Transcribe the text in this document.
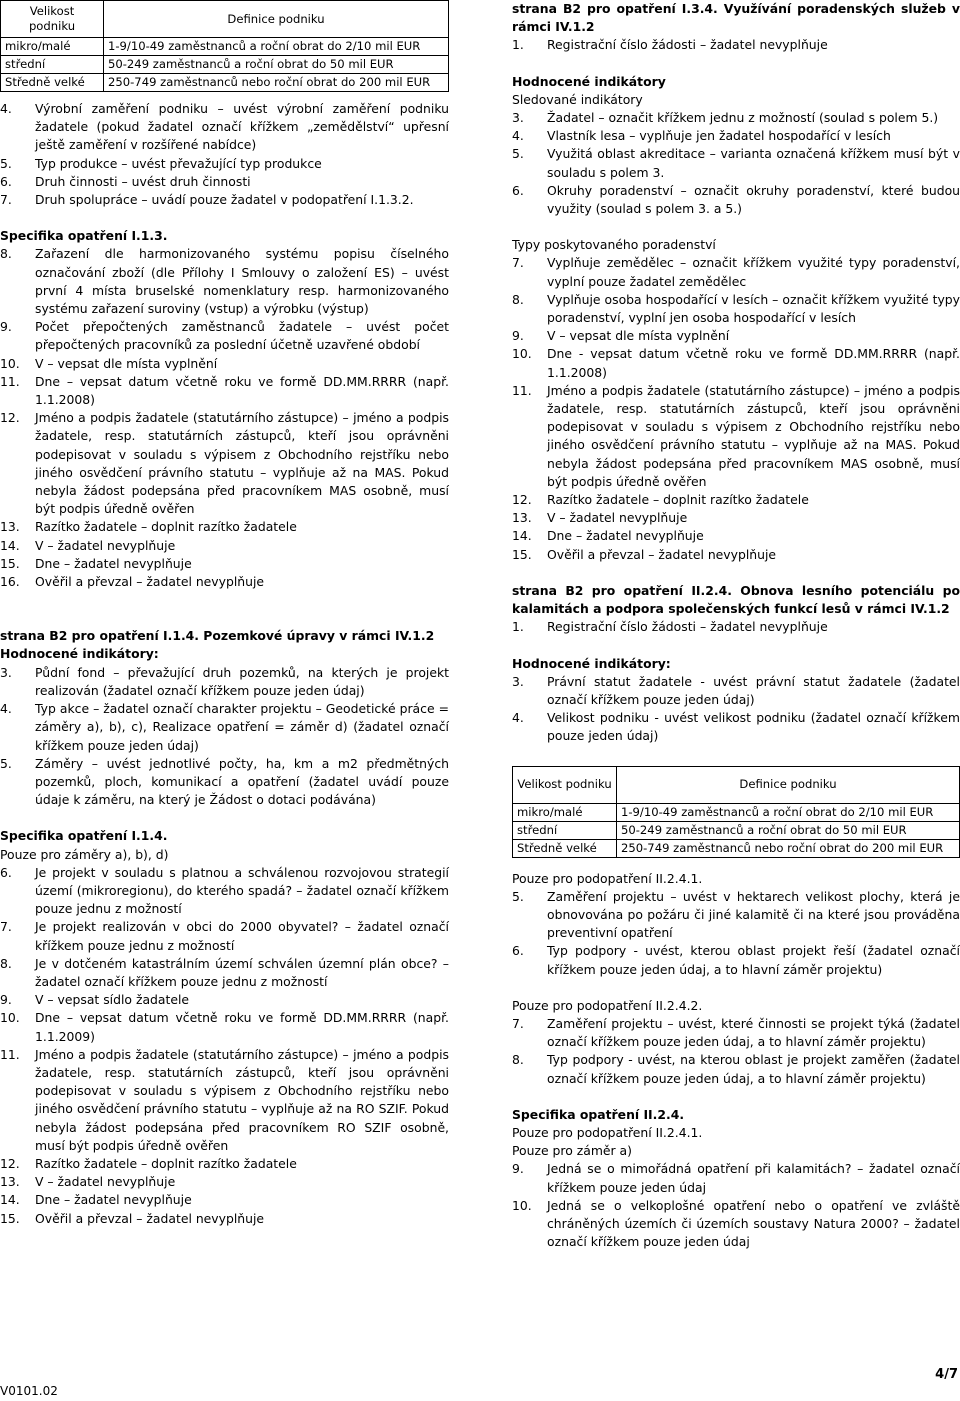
Velikost podniku	Definice podniku
mikro/malé	1-9/10-49 zaměstnanců a roční obrat do 2/10 mil EUR
střední	50-249 zaměstnanců a roční obrat do 50 mil EUR
Středně velké	250-749 zaměstnanců nebo roční obrat do 200 mil EUR
4.	Výrobní zaměření podniku – uvést výrobní zaměření podniku žadatele (pokud žadatel označí křížkem „zemědělství“ upřesní ještě zaměření v rozšířené nabídce)
5.	Typ produkce – uvést převažující typ produkce
6.	Druh činnosti – uvést druh činnosti
7.	Druh spolupráce – uvádí pouze žadatel v podopatření I.1.3.2.
Specifika opatření I.1.3.
8.	Zařazení dle harmonizovaného systému popisu číselného označování zboží (dle Přílohy I Smlouvy o založení ES) – uvést první 4 místa bruselské nomenklatury resp. harmonizovaného systému zařazení suroviny (vstup) a výrobku (výstup)
9.	Počet přepočtených zaměstnanců žadatele – uvést počet přepočtených pracovníků za poslední účetně uzavřené období
10.	V – vepsat dle místa vyplnění
11.	Dne – vepsat datum včetně roku ve formě DD.MM.RRRR (např. 1.1.2008)
12.	Jméno a podpis žadatele (statutárního zástupce) – jméno a podpis žadatele, resp. statutárních zástupců, kteří jsou oprávněni podepisovat v souladu s výpisem z Obchodního rejstříku nebo jiného osvědčení právního statutu – vyplňuje až na MAS. Pokud nebyla žádost podepsána před pracovníkem MAS osobně, musí být podpis úředně ověřen
13.	Razítko žadatele – doplnit razítko žadatele
14.	V – žadatel nevyplňuje
15.	Dne – žadatel nevyplňuje
16.	Ověřil a převzal – žadatel nevyplňuje
strana B2 pro opatření I.1.4. Pozemkové úpravy v rámci IV.1.2
Hodnocené indikátory:
3.	Půdní fond – převažující druh pozemků, na kterých je projekt realizován (žadatel označí křížkem pouze jeden údaj)
4.	Typ akce – žadatel označí charakter projektu – Geodetické práce = záměry a), b), c), Realizace opatření = záměr d) (žadatel označí křížkem pouze jeden údaj)
5.	Záměry – uvést jednotlivé počty, ha, km a m2 předmětných pozemků, ploch, komunikací a opatření (žadatel uvádí pouze údaje k záměru, na který je Žádost o dotaci podávána)
Specifika opatření I.1.4.
Pouze pro záměry a), b), d)
6.	Je projekt v souladu s platnou a schválenou rozvojovou strategií území (mikroregionu), do kterého spadá? – žadatel označí křížkem pouze jednu z možností
7.	Je projekt realizován v obci do 2000 obyvatel? – žadatel označí křížkem pouze jednu z možností
8.	Je v dotčeném katastrálním území schválen územní plán obce? – žadatel označí křížkem pouze jednu z možností
9.	V – vepsat sídlo žadatele
10.	Dne – vepsat datum včetně roku ve formě DD.MM.RRRR (např. 1.1.2009)
11.	Jméno a podpis žadatele (statutárního zástupce) – jméno a podpis žadatele, resp. statutárních zástupců, kteří jsou oprávněni podepisovat v souladu s výpisem z Obchodního rejstříku nebo jiného osvědčení právního statutu – vyplňuje až na RO SZIF. Pokud nebyla žádost podepsána před pracovníkem RO SZIF osobně, musí být podpis úředně ověřen
12.	Razítko žadatele – doplnit razítko žadatele
13.	V – žadatel nevyplňuje
14.	Dne – žadatel nevyplňuje
15.	Ověřil a převzal – žadatel nevyplňuje
strana B2 pro opatření I.3.4. Využívání poradenských služeb v rámci IV.1.2
1.	Registrační číslo žádosti – žadatel nevyplňuje
Hodnocené indikátory
Sledované indikátory
3.	Žadatel – označit křížkem jednu z možností (soulad s polem 5.)
4.	Vlastník lesa – vyplňuje jen žadatel hospodařící v lesích
5.	Využitá oblast akreditace – varianta označená křížkem musí být v souladu s polem 3.
6.	Okruhy poradenství – označit okruhy poradenství, které budou využity (soulad s polem 3. a 5.)
Typy poskytovaného poradenství
7.	Vyplňuje zemědělec – označit křížkem využité typy poradenství, vyplní pouze žadatel zemědělec
8.	Vyplňuje osoba hospodařící v lesích – označit křížkem využité typy poradenství, vyplní jen osoba hospodařící v lesích
9.	V – vepsat dle místa vyplnění
10.	Dne - vepsat datum včetně roku ve formě DD.MM.RRRR (např. 1.1.2008)
11.	Jméno a podpis žadatele (statutárního zástupce) – jméno a podpis žadatele, resp. statutárních zástupců, kteří jsou oprávněni podepisovat v souladu s výpisem z Obchodního rejstříku nebo jiného osvědčení právního statutu – vyplňuje až na MAS. Pokud nebyla žádost podepsána před pracovníkem MAS osobně, musí být podpis úředně ověřen
12.	Razítko žadatele – doplnit razítko žadatele
13.	V – žadatel nevyplňuje
14.	Dne – žadatel nevyplňuje
15.	Ověřil a převzal – žadatel nevyplňuje
strana B2 pro opatření II.2.4. Obnova lesního potenciálu po kalamitách a podpora společenských funkcí lesů v rámci IV.1.2
1.	Registrační číslo žádosti – žadatel nevyplňuje
Hodnocené indikátory:
3.	Právní statut žadatele - uvést právní statut žadatele (žadatel označí křížkem pouze jeden údaj)
4.	Velikost podniku - uvést velikost podniku (žadatel označí křížkem pouze jeden údaj)
Velikost podniku	Definice podniku
mikro/malé	1-9/10-49 zaměstnanců a roční obrat do 2/10 mil EUR
střední	50-249 zaměstnanců a roční obrat do 50 mil EUR
Středně velké	250-749 zaměstnanců nebo roční obrat do 200 mil EUR
Pouze pro podopatření II.2.4.1.
5.	Zaměření projektu – uvést v hektarech velikost plochy, která je obnovována po požáru či jiné kalamitě či na které jsou prováděna preventivní opatření
6.	Typ podpory - uvést, kterou oblast projekt řeší (žadatel označí křížkem pouze jeden údaj, a to hlavní záměr projektu)
Pouze pro podopatření II.2.4.2.
7.	Zaměření projektu – uvést, které činnosti se projekt týká (žadatel označí křížkem pouze jeden údaj, a to hlavní záměr projektu)
8.	Typ podpory - uvést, na kterou oblast je projekt zaměřen (žadatel označí křížkem pouze jeden údaj, a to hlavní záměr projektu)
Specifika opatření II.2.4.
Pouze pro podopatření II.2.4.1.
Pouze pro záměr a)
9.	Jedná se o mimořádná opatření při kalamitách? – žadatel označí křížkem pouze jeden údaj
10.	Jedná se o velkoplošné opatření nebo o opatření ve zvláště chráněných územích či územích soustavy Natura 2000? – žadatel označí křížkem pouze jeden údaj
V0101.02
4/7
